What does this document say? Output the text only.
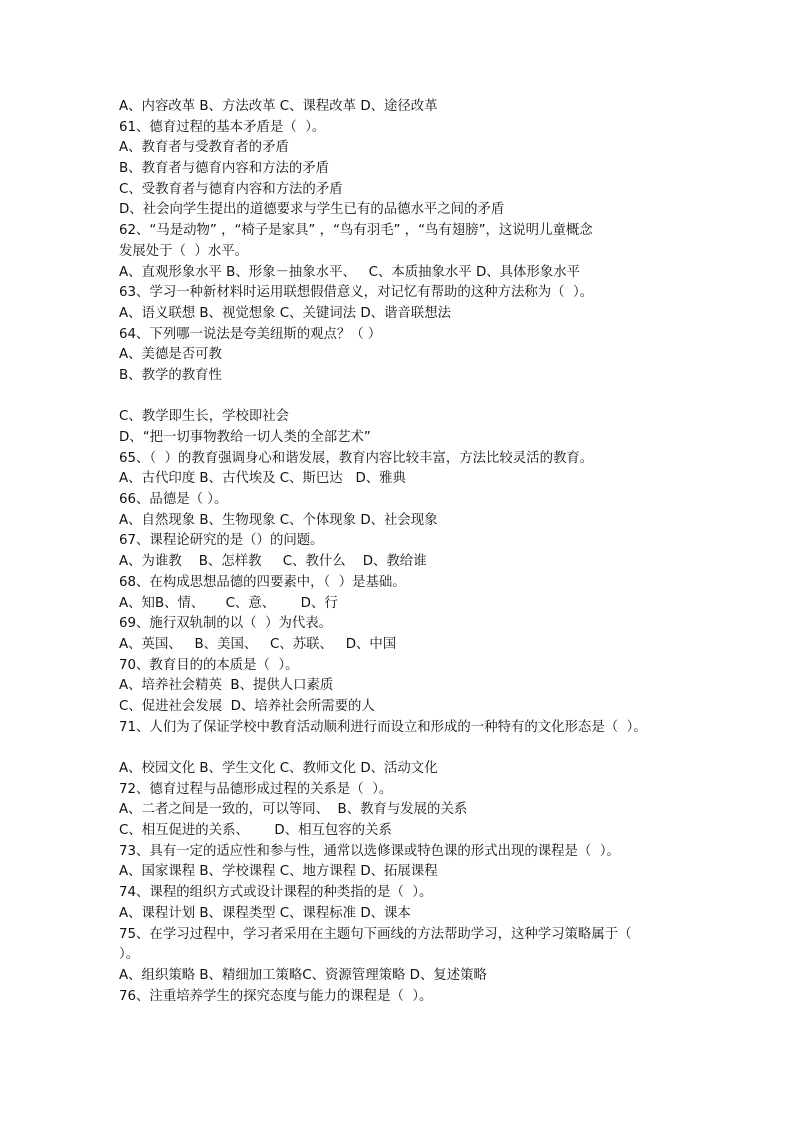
A、内容改革 B、方法改革 C、课程改革 D、途径改革
61、德育过程的基本矛盾是（  ）。
A、教育者与受教育者的矛盾
B、教育者与德育内容和方法的矛盾
C、受教育者与德育内容和方法的矛盾
D、社会向学生提出的道德要求与学生已有的品德水平之间的矛盾
62、“马是动物” ，“椅子是家具” ，“鸟有羽毛” ，“鸟有翅膀”，这说明儿童概念
发展处于（  ）水平。
A、直观形象水平 B、形象－抽象水平、   C、本质抽象水平 D、具体形象水平
63、学习一种新材料时运用联想假借意义，对记忆有帮助的这种方法称为（  ）。
A、语义联想 B、视觉想象 C、关键词法 D、谐音联想法
64、下列哪一说法是夸美纽斯的观点？（ ）
A、美德是否可教
B、教学的教育性
C、教学即生长，学校即社会
D、“把一切事物教给一切人类的全部艺术”
65、（  ）的教育强调身心和谐发展，教育内容比较丰富，方法比较灵活的教育。
A、古代印度 B、古代埃及 C、斯巴达   D、雅典
66、品德是（ ）。
A、自然现象 B、生物现象 C、个体现象 D、社会现象
67、课程论研究的是（）的问题。
A、为谁教    B、怎样教     C、教什么    D、教给谁
68、在构成思想品德的四要素中，（  ）是基础。
A、知B、情、     C、意、      D、行
69、施行双轨制的以（  ）为代表。
A、英国、   B、美国、   C、苏联、   D、中国
70、教育目的的本质是（  ）。
A、培养社会精英  B、提供人口素质
C、促进社会发展  D、培养社会所需要的人
71、人们为了保证学校中教育活动顺利进行而设立和形成的一种特有的文化形态是（  ）。
A、校园文化 B、学生文化 C、教师文化 D、活动文化
72、德育过程与品德形成过程的关系是（  ）。
A、二者之间是一致的，可以等同、  B、教育与发展的关系
C、相互促进的关系、      D、相互包容的关系
73、具有一定的适应性和参与性，通常以选修课或特色课的形式出现的课程是（  ）。
A、国家课程 B、学校课程 C、地方课程 D、拓展课程
74、课程的组织方式或设计课程的种类指的是（  ）。
A、课程计划 B、课程类型 C、课程标准 D、课本
75、在学习过程中，学习者采用在主题句下画线的方法帮助学习，这种学习策略属于（
）。
A、组织策略 B、精细加工策略C、资源管理策略 D、复述策略
76、注重培养学生的探究态度与能力的课程是（  ）。
